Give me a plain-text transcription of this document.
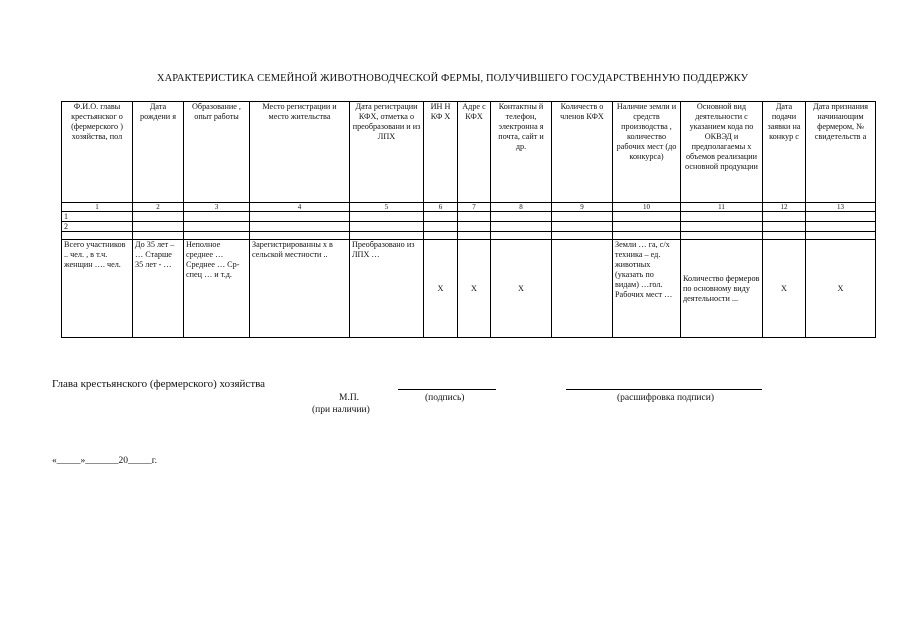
ХАРАКТЕРИСТИКА СЕМЕЙНОЙ ЖИВОТНОВОДЧЕСКОЙ ФЕРМЫ, ПОЛУЧИВШЕГО ГОСУДАРСТВЕННУЮ ПОДДЕРЖКУ
Ф.И.О. главы крестьянског о (фермерского ) хозяйства, пол	Дата рождени я	Образование , опыт работы	Место регистрации и место жительства	Дата регистрации КФХ, отметка о преобразовани и из ЛПХ	ИН Н КФ Х	Адре с КФХ	Контактны й телефон, электронна я почта, сайт и др.	Количеств о членов КФХ	Наличие земли и средств производства , количество рабочих мест (до конкурса)	Основной вид деятельности с указанием кода по ОКВЭД и предполагаемы х объемов реализации основной продукции	Дата подачи заявки на конкур с	Дата признания начинающим фермером, № свидетельств а
1	2	3	4	5	6	7	8	9	10	11	12	13
1												
2												

Всего участников .. чел. , в т.ч. женщин …. чел.	До 35 лет – … Старше 35 лет - …	Неполное среднее … Среднее … Ср-спец … и т.д.	Зарегистрированны х в сельской местности ..	Преобразовано из ЛПХ …	Х	Х	Х		Земли … га, с/х техника – ед. животных (указать по видам) …гол. Рабочих мест …	Количество фермеров по основному виду деятельности ...	Х	Х
Глава крестьянского (фермерского) хозяйства
М.П.	(подпись)	(расшифровка подписи)
(при наличии)
«_____»_______20_____г.
